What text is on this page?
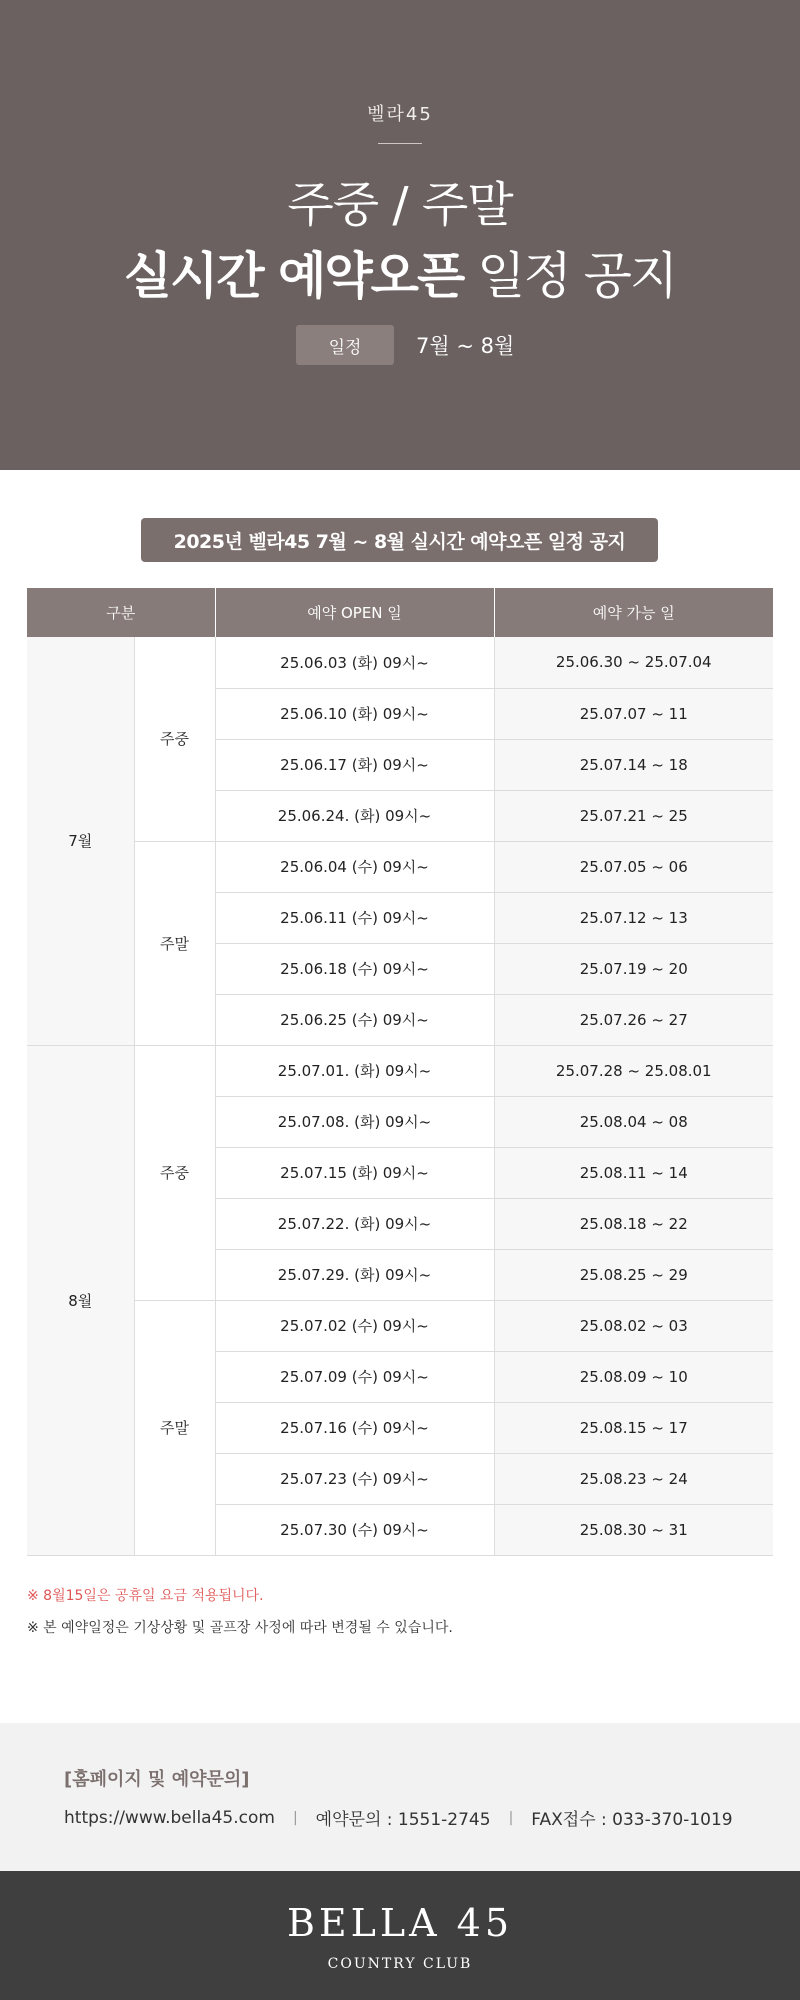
벨라45
주중 / 주말
실시간 예약오픈 일정 공지
일정	7월 ~ 8월
2025년 벨라45 7월 ~ 8월 실시간 예약오픈 일정 공지
구분		예약 OPEN 일	예약 가능 일
7월	주중	25.06.03 (화) 09시~	25.06.30 ~ 25.07.04
		25.06.10 (화) 09시~	25.07.07 ~ 11
		25.06.17 (화) 09시~	25.07.14 ~ 18
		25.06.24. (화) 09시~	25.07.21 ~ 25
	주말	25.06.04 (수) 09시~	25.07.05 ~ 06
		25.06.11 (수) 09시~	25.07.12 ~ 13
		25.06.18 (수) 09시~	25.07.19 ~ 20
		25.06.25 (수) 09시~	25.07.26 ~ 27
8월	주중	25.07.01. (화) 09시~	25.07.28 ~ 25.08.01
		25.07.08. (화) 09시~	25.08.04 ~ 08
		25.07.15 (화) 09시~	25.08.11 ~ 14
		25.07.22. (화) 09시~	25.08.18 ~ 22
		25.07.29. (화) 09시~	25.08.25 ~ 29
	주말	25.07.02 (수) 09시~	25.08.02 ~ 03
		25.07.09 (수) 09시~	25.08.09 ~ 10
		25.07.16 (수) 09시~	25.08.15 ~ 17
		25.07.23 (수) 09시~	25.08.23 ~ 24
		25.07.30 (수) 09시~	25.08.30 ~ 31
※ 8월15일은 공휴일 요금 적용됩니다.
※ 본 예약일정은 기상상황 및 골프장 사정에 따라 변경될 수 있습니다.
[홈페이지 및 예약문의]
https://www.bella45.com | 예약문의 : 1551-2745 | FAX접수 : 033-370-1019
BELLA 45
COUNTRY CLUB
